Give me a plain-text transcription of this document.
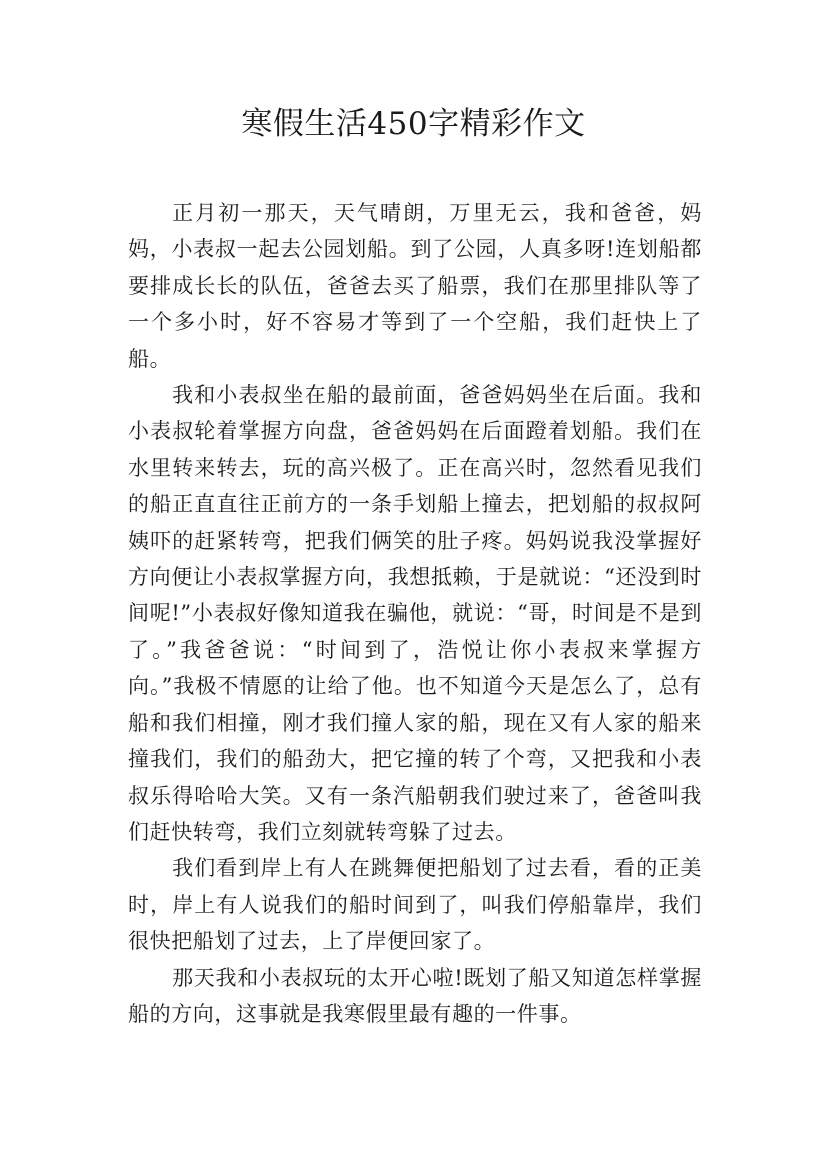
寒假生活450字精彩作文

正月初一那天，天气晴朗，万里无云，我和爸爸，妈妈，小表叔一起去公园划船。到了公园，人真多呀!连划船都要排成长长的队伍，爸爸去买了船票，我们在那里排队等了一个多小时，好不容易才等到了一个空船，我们赶快上了船。

我和小表叔坐在船的最前面，爸爸妈妈坐在后面。我和小表叔轮着掌握方向盘，爸爸妈妈在后面蹬着划船。我们在水里转来转去，玩的高兴极了。正在高兴时，忽然看见我们的船正直直往正前方的一条手划船上撞去，把划船的叔叔阿姨吓的赶紧转弯，把我们俩笑的肚子疼。妈妈说我没掌握好方向便让小表叔掌握方向，我想抵赖，于是就说：“还没到时间呢!”小表叔好像知道我在骗他，就说：“哥，时间是不是到了。”我爸爸说：“时间到了，浩悦让你小表叔来掌握方向。”我极不情愿的让给了他。也不知道今天是怎么了，总有船和我们相撞，刚才我们撞人家的船，现在又有人家的船来撞我们，我们的船劲大，把它撞的转了个弯，又把我和小表叔乐得哈哈大笑。又有一条汽船朝我们驶过来了，爸爸叫我们赶快转弯，我们立刻就转弯躲了过去。

我们看到岸上有人在跳舞便把船划了过去看，看的正美时，岸上有人说我们的船时间到了，叫我们停船靠岸，我们很快把船划了过去，上了岸便回家了。

那天我和小表叔玩的太开心啦!既划了船又知道怎样掌握船的方向，这事就是我寒假里最有趣的一件事。
